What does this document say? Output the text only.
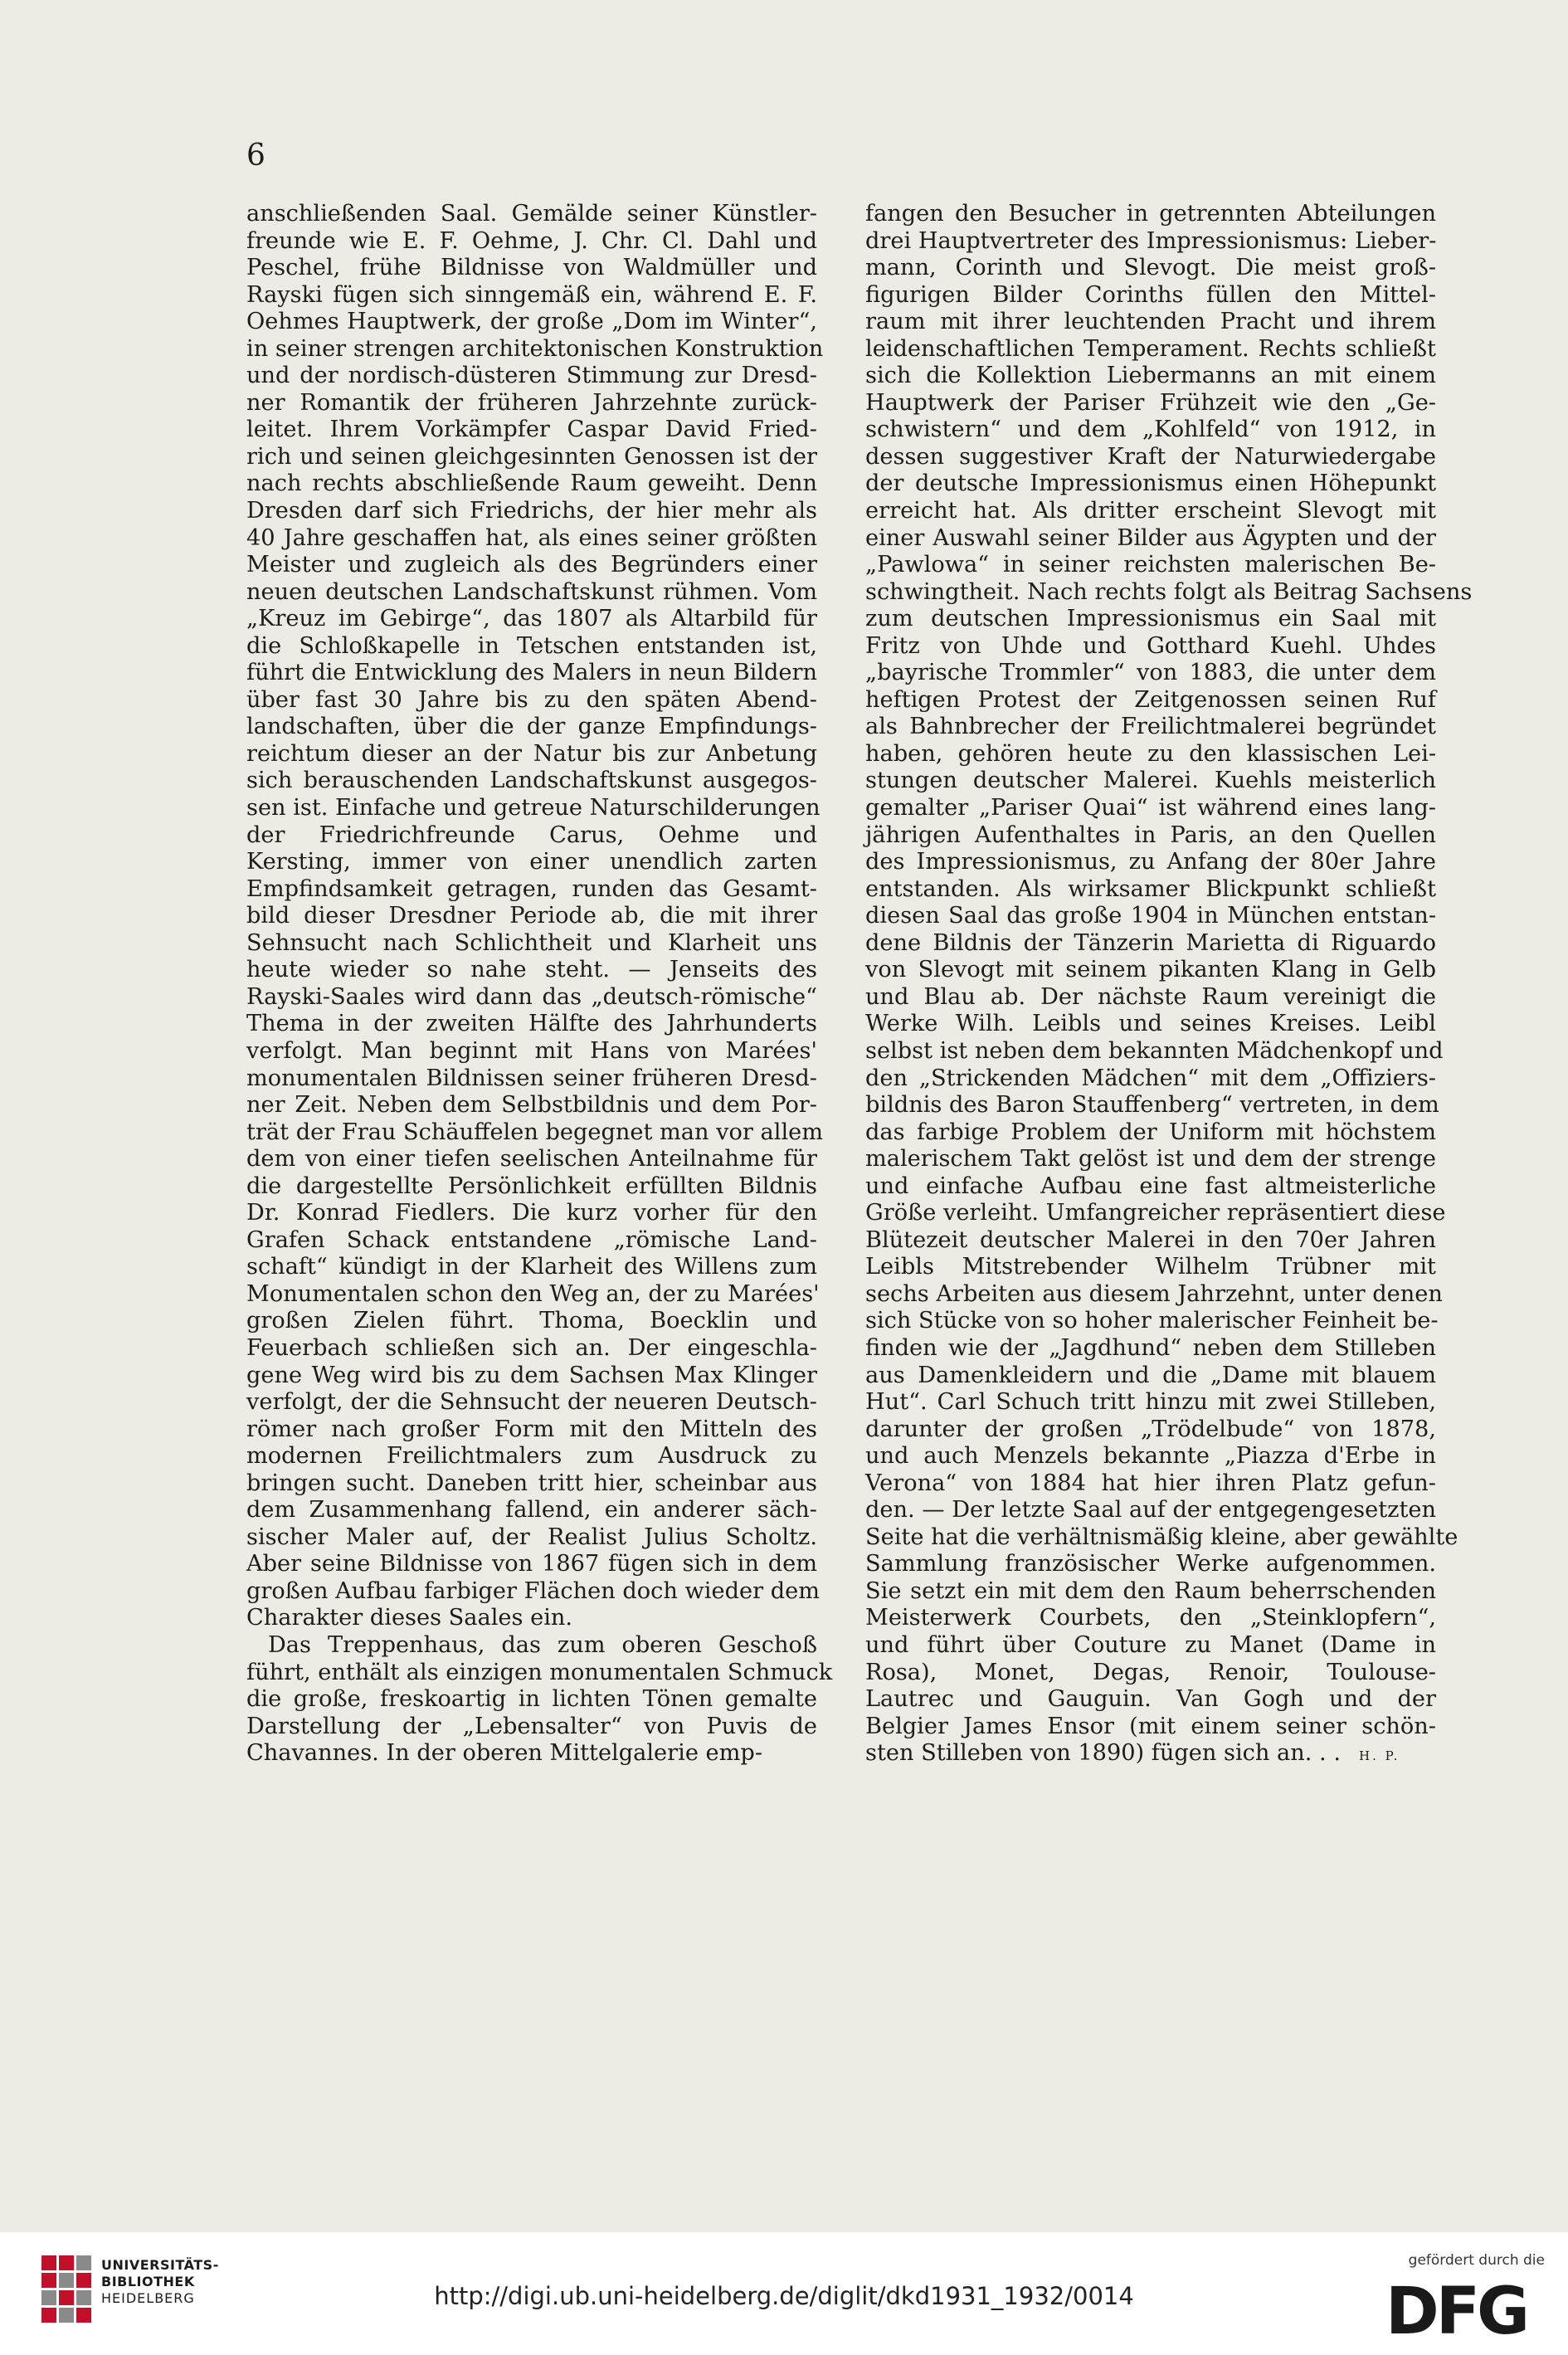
6
anschließenden Saal. Gemälde seiner Künstler-
freunde wie E. F. Oehme, J. Chr. Cl. Dahl und
Peschel, frühe Bildnisse von Waldmüller und
Rayski fügen sich sinngemäß ein, während E. F.
Oehmes Hauptwerk, der große „Dom im Winter“,
in seiner strengen architektonischen Konstruktion
und der nordisch-düsteren Stimmung zur Dresd-
ner Romantik der früheren Jahrzehnte zurück-
leitet. Ihrem Vorkämpfer Caspar David Fried-
rich und seinen gleichgesinnten Genossen ist der
nach rechts abschließende Raum geweiht. Denn
Dresden darf sich Friedrichs, der hier mehr als
40 Jahre geschaffen hat, als eines seiner größten
Meister und zugleich als des Begründers einer
neuen deutschen Landschaftskunst rühmen. Vom
„Kreuz im Gebirge“, das 1807 als Altarbild für
die Schloßkapelle in Tetschen entstanden ist,
führt die Entwicklung des Malers in neun Bildern
über fast 30 Jahre bis zu den späten Abend-
landschaften, über die der ganze Empfindungs-
reichtum dieser an der Natur bis zur Anbetung
sich berauschenden Landschaftskunst ausgegos-
sen ist. Einfache und getreue Naturschilderungen
der Friedrichfreunde Carus, Oehme und
Kersting, immer von einer unendlich zarten
Empfindsamkeit getragen, runden das Gesamt-
bild dieser Dresdner Periode ab, die mit ihrer
Sehnsucht nach Schlichtheit und Klarheit uns
heute wieder so nahe steht. — Jenseits des
Rayski-Saales wird dann das „deutsch-römische“
Thema in der zweiten Hälfte des Jahrhunderts
verfolgt. Man beginnt mit Hans von Marées'
monumentalen Bildnissen seiner früheren Dresd-
ner Zeit. Neben dem Selbstbildnis und dem Por-
trät der Frau Schäuffelen begegnet man vor allem
dem von einer tiefen seelischen Anteilnahme für
die dargestellte Persönlichkeit erfüllten Bildnis
Dr. Konrad Fiedlers. Die kurz vorher für den
Grafen Schack entstandene „römische Land-
schaft“ kündigt in der Klarheit des Willens zum
Monumentalen schon den Weg an, der zu Marées'
großen Zielen führt. Thoma, Boecklin und
Feuerbach schließen sich an. Der eingeschla-
gene Weg wird bis zu dem Sachsen Max Klinger
verfolgt, der die Sehnsucht der neueren Deutsch-
römer nach großer Form mit den Mitteln des
modernen Freilichtmalers zum Ausdruck zu
bringen sucht. Daneben tritt hier, scheinbar aus
dem Zusammenhang fallend, ein anderer säch-
sischer Maler auf, der Realist Julius Scholtz.
Aber seine Bildnisse von 1867 fügen sich in dem
großen Aufbau farbiger Flächen doch wieder dem
Charakter dieses Saales ein.
Das Treppenhaus, das zum oberen Geschoß
führt, enthält als einzigen monumentalen Schmuck
die große, freskoartig in lichten Tönen gemalte
Darstellung der „Lebensalter“ von Puvis de
Chavannes. In der oberen Mittelgalerie emp-
fangen den Besucher in getrennten Abteilungen
drei Hauptvertreter des Impressionismus: Lieber-
mann, Corinth und Slevogt. Die meist groß-
figurigen Bilder Corinths füllen den Mittel-
raum mit ihrer leuchtenden Pracht und ihrem
leidenschaftlichen Temperament. Rechts schließt
sich die Kollektion Liebermanns an mit einem
Hauptwerk der Pariser Frühzeit wie den „Ge-
schwistern“ und dem „Kohlfeld“ von 1912, in
dessen suggestiver Kraft der Naturwiedergabe
der deutsche Impressionismus einen Höhepunkt
erreicht hat. Als dritter erscheint Slevogt mit
einer Auswahl seiner Bilder aus Ägypten und der
„Pawlowa“ in seiner reichsten malerischen Be-
schwingtheit. Nach rechts folgt als Beitrag Sachsens
zum deutschen Impressionismus ein Saal mit
Fritz von Uhde und Gotthard Kuehl. Uhdes
„bayrische Trommler“ von 1883, die unter dem
heftigen Protest der Zeitgenossen seinen Ruf
als Bahnbrecher der Freilichtmalerei begründet
haben, gehören heute zu den klassischen Lei-
stungen deutscher Malerei. Kuehls meisterlich
gemalter „Pariser Quai“ ist während eines lang-
jährigen Aufenthaltes in Paris, an den Quellen
des Impressionismus, zu Anfang der 80er Jahre
entstanden. Als wirksamer Blickpunkt schließt
diesen Saal das große 1904 in München entstan-
dene Bildnis der Tänzerin Marietta di Riguardo
von Slevogt mit seinem pikanten Klang in Gelb
und Blau ab. Der nächste Raum vereinigt die
Werke Wilh. Leibls und seines Kreises. Leibl
selbst ist neben dem bekannten Mädchenkopf und
den „Strickenden Mädchen“ mit dem „Offiziers-
bildnis des Baron Stauffenberg“ vertreten, in dem
das farbige Problem der Uniform mit höchstem
malerischem Takt gelöst ist und dem der strenge
und einfache Aufbau eine fast altmeisterliche
Größe verleiht. Umfangreicher repräsentiert diese
Blütezeit deutscher Malerei in den 70er Jahren
Leibls Mitstrebender Wilhelm Trübner mit
sechs Arbeiten aus diesem Jahrzehnt, unter denen
sich Stücke von so hoher malerischer Feinheit be-
finden wie der „Jagdhund“ neben dem Stilleben
aus Damenkleidern und die „Dame mit blauem
Hut“. Carl Schuch tritt hinzu mit zwei Stilleben,
darunter der großen „Trödelbude“ von 1878,
und auch Menzels bekannte „Piazza d'Erbe in
Verona“ von 1884 hat hier ihren Platz gefun-
den. — Der letzte Saal auf der entgegengesetzten
Seite hat die verhältnismäßig kleine, aber gewählte
Sammlung französischer Werke aufgenommen.
Sie setzt ein mit dem den Raum beherrschenden
Meisterwerk Courbets, den „Steinklopfern“,
und führt über Couture zu Manet (Dame in
Rosa), Monet, Degas, Renoir, Toulouse-
Lautrec und Gauguin. Van Gogh und der
Belgier James Ensor (mit einem seiner schön-
sten Stilleben von 1890) fügen sich an. . . H. P.
UNIVERSITÄTS-
BIBLIOTHEK
HEIDELBERG	http://digi.ub.uni-heidelberg.de/diglit/dkd1931_1932/0014
gefördert durch die
DFG
